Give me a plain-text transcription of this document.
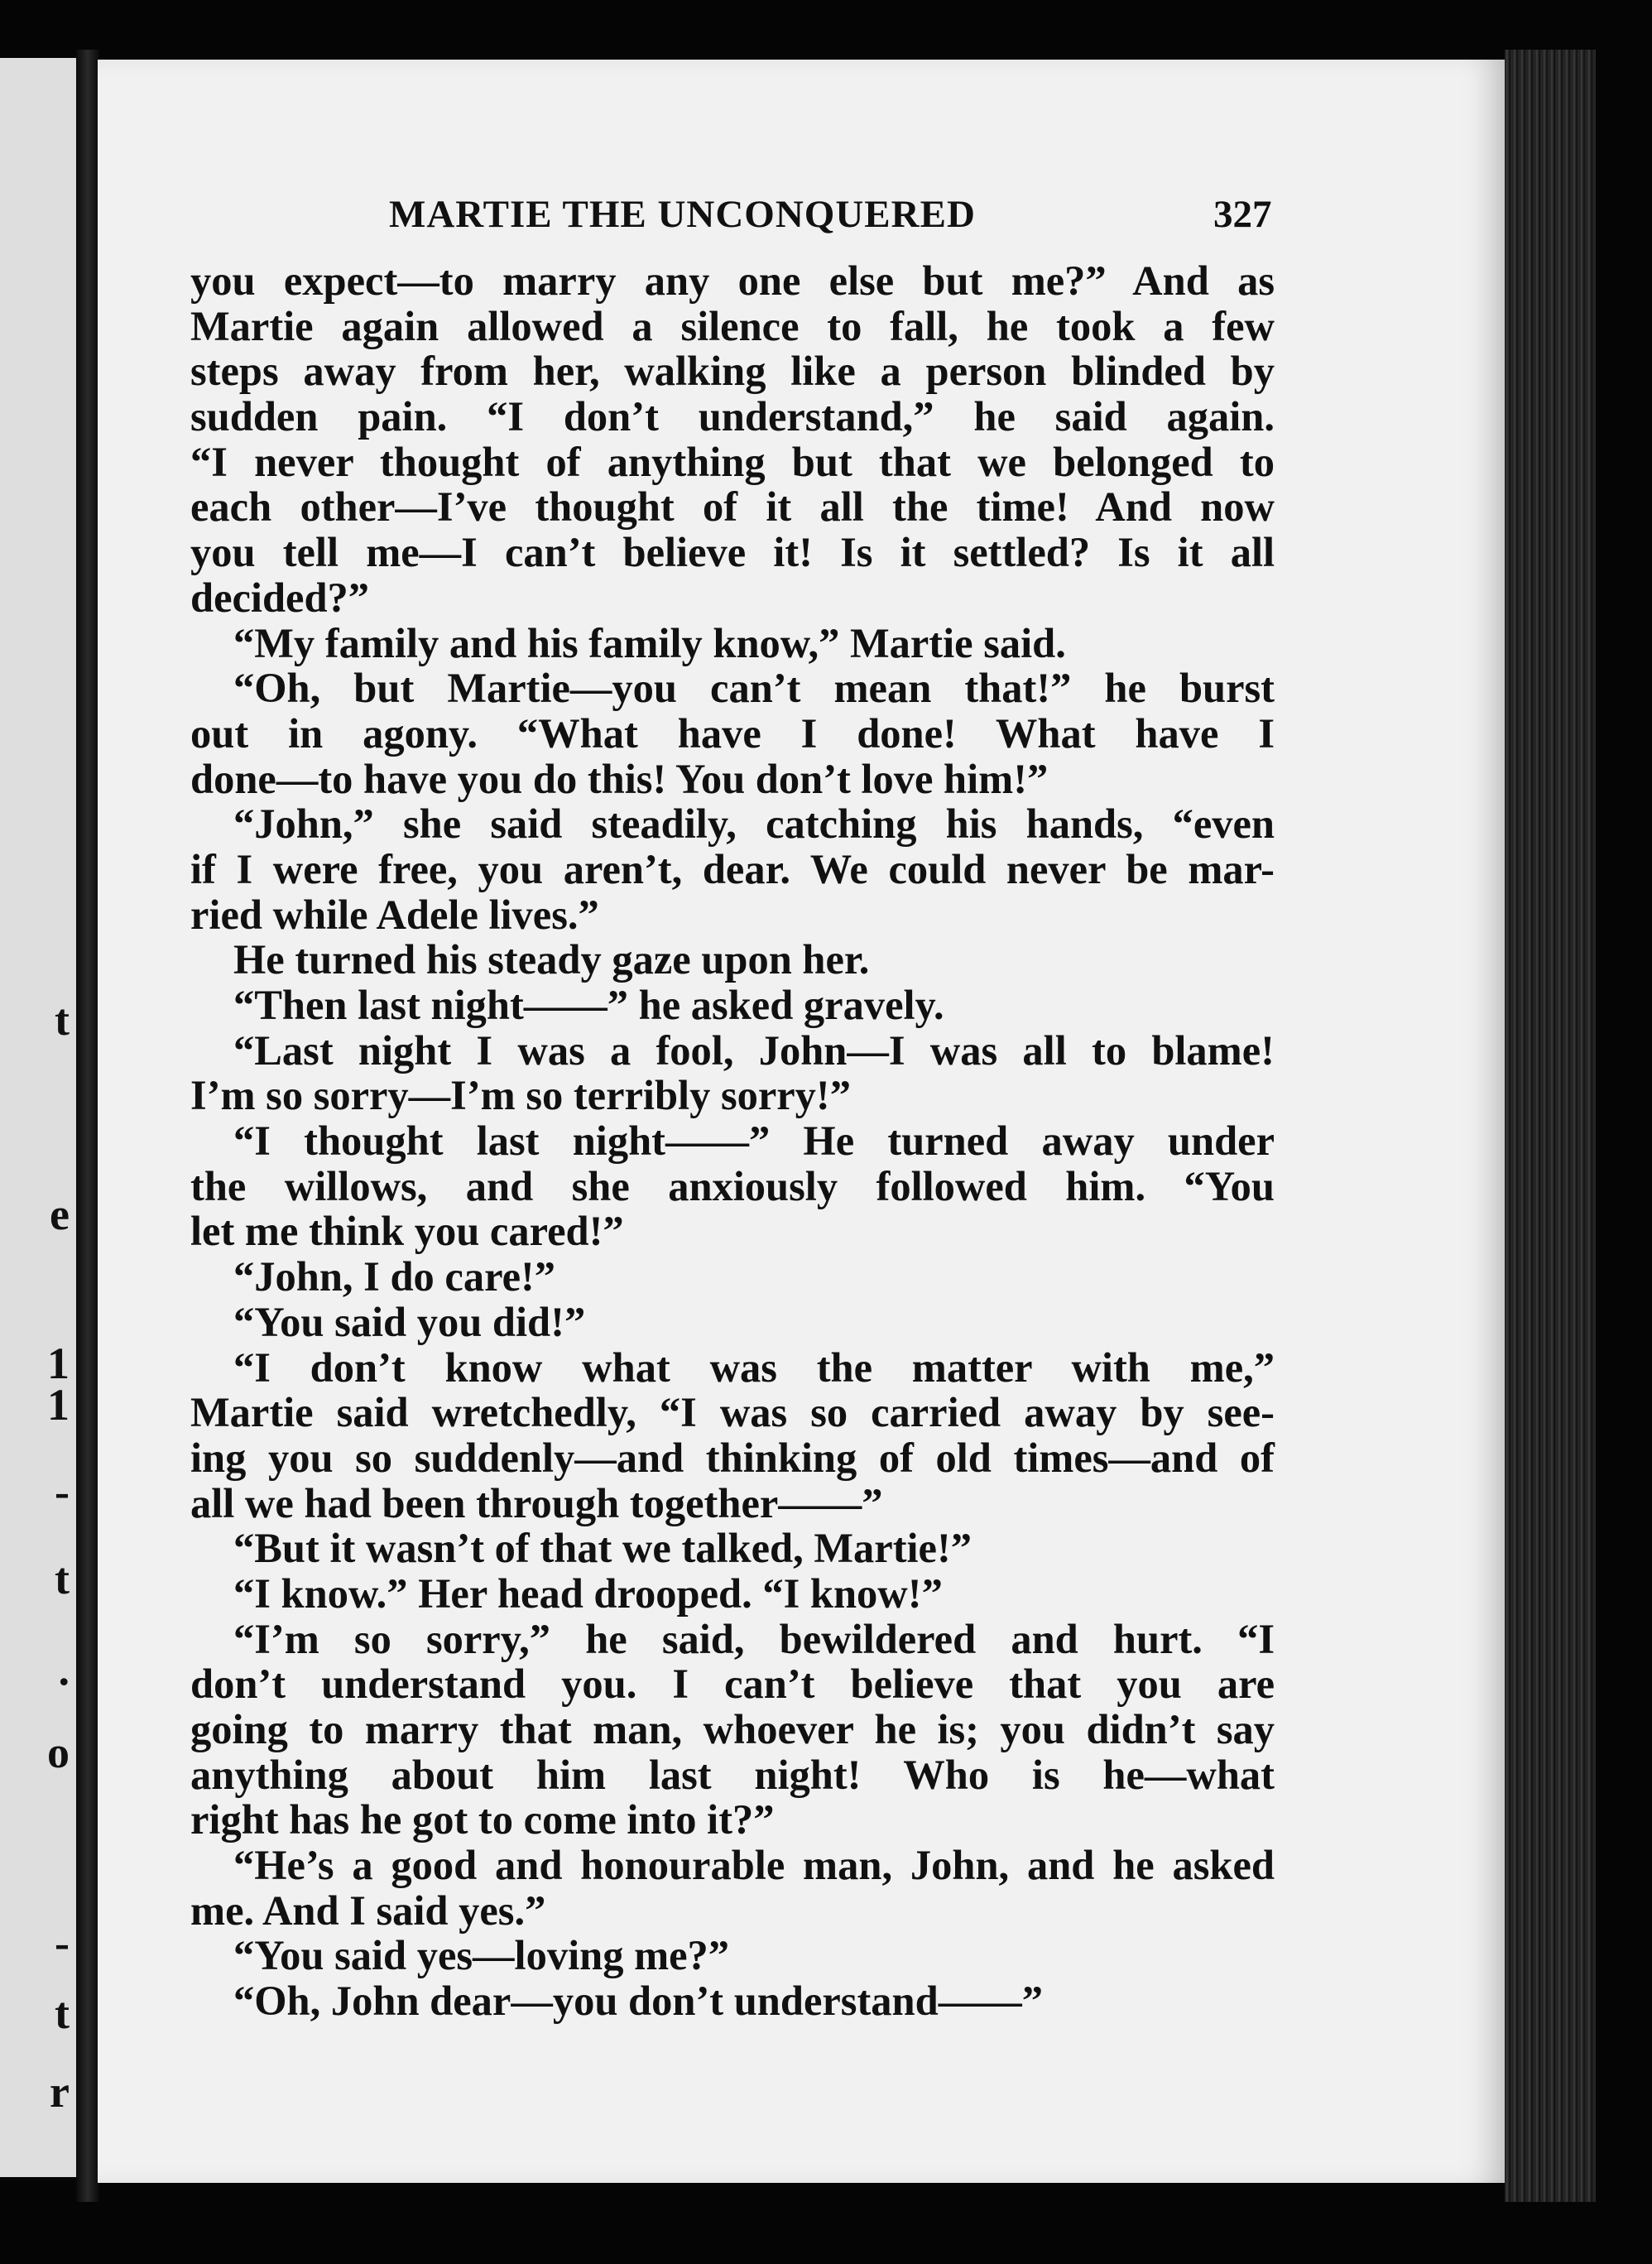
t
e
1
1
-
t
.
o
-
t
r
MARTIE THE UNCONQUERED	327
you expect—to marry any one else but me?” And as
Martie again allowed a silence to fall, he took a few
steps away from her, walking like a person blinded by
sudden pain. “I don’t understand,” he said again.
“I never thought of anything but that we belonged to
each other—I’ve thought of it all the time! And now
you tell me—I can’t believe it! Is it settled? Is it all
decided?”
“My family and his family know,” Martie said.
“Oh, but Martie—you can’t mean that!” he burst
out in agony. “What have I done! What have I
done—to have you do this! You don’t love him!”
“John,” she said steadily, catching his hands, “even
if I were free, you aren’t, dear. We could never be mar-
ried while Adele lives.”
He turned his steady gaze upon her.
“Then last night——” he asked gravely.
“Last night I was a fool, John—I was all to blame!
I’m so sorry—I’m so terribly sorry!”
“I thought last night——” He turned away under
the willows, and she anxiously followed him. “You
let me think you cared!”
“John, I do care!”
“You said you did!”
“I don’t know what was the matter with me,”
Martie said wretchedly, “I was so carried away by see-
ing you so suddenly—and thinking of old times—and of
all we had been through together——”
“But it wasn’t of that we talked, Martie!”
“I know.” Her head drooped. “I know!”
“I’m so sorry,” he said, bewildered and hurt. “I
don’t understand you. I can’t believe that you are
going to marry that man, whoever he is; you didn’t say
anything about him last night! Who is he—what
right has he got to come into it?”
“He’s a good and honourable man, John, and he asked
me. And I said yes.”
“You said yes—loving me?”
“Oh, John dear—you don’t understand——”
